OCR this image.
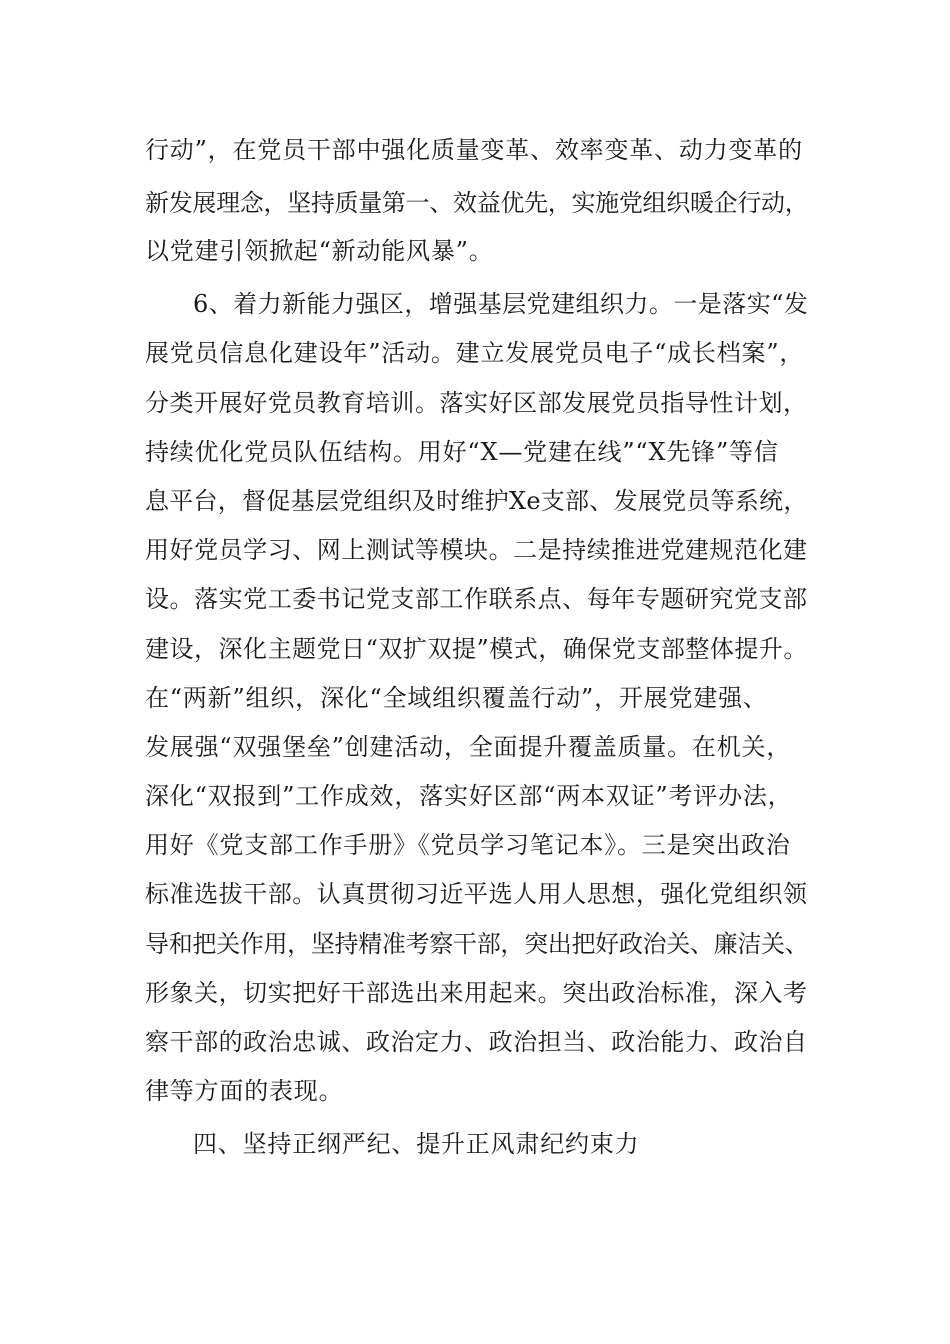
行动”，在党员干部中强化质量变革、效率变革、动力变革的
新发展理念，坚持质量第一、效益优先，实施党组织暖企行动，
以党建引领掀起“新动能风暴”。
6、着力新能力强区，增强基层党建组织力。一是落实“发
展党员信息化建设年”活动。建立发展党员电子“成长档案”，
分类开展好党员教育培训。落实好区部发展党员指导性计划，
持续优化党员队伍结构。用好“X—党建在线”“X先锋”等信
息平台，督促基层党组织及时维护Xe支部、发展党员等系统，
用好党员学习、网上测试等模块。二是持续推进党建规范化建
设。落实党工委书记党支部工作联系点、每年专题研究党支部
建设，深化主题党日“双扩双提”模式，确保党支部整体提升。
在“两新”组织，深化“全域组织覆盖行动”，开展党建强、
发展强“双强堡垒”创建活动，全面提升覆盖质量。在机关，
深化“双报到”工作成效，落实好区部“两本双证”考评办法，
用好《党支部工作手册》《党员学习笔记本》。三是突出政治
标准选拔干部。认真贯彻习近平选人用人思想，强化党组织领
导和把关作用，坚持精准考察干部，突出把好政治关、廉洁关、
形象关，切实把好干部选出来用起来。突出政治标准，深入考
察干部的政治忠诚、政治定力、政治担当、政治能力、政治自
律等方面的表现。
四、坚持正纲严纪、提升正风肃纪约束力
